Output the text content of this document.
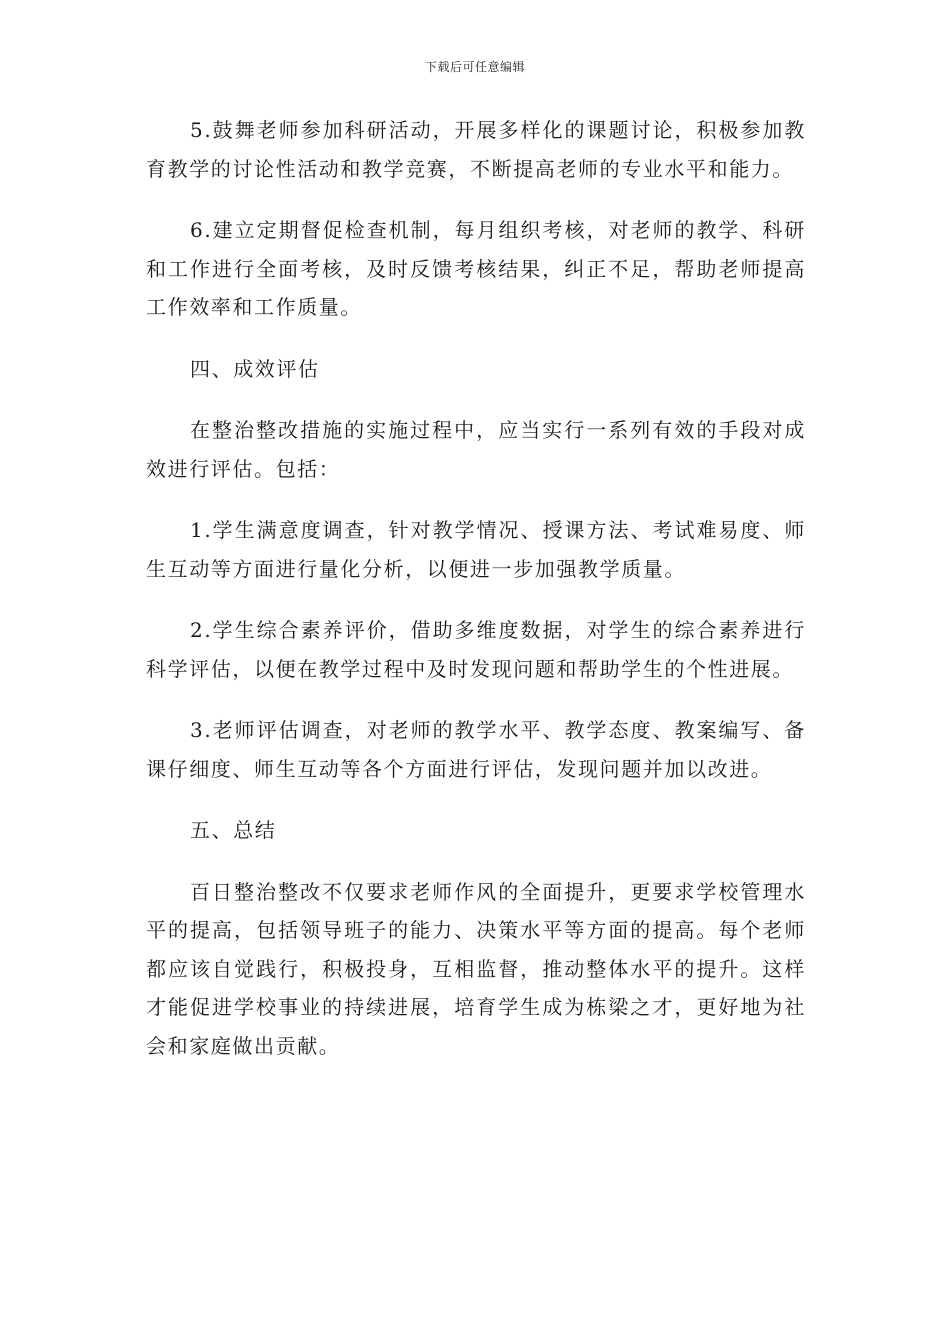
下载后可任意编辑

5.鼓舞老师参加科研活动，开展多样化的课题讨论，积极参加教育教学的讨论性活动和教学竞赛，不断提高老师的专业水平和能力。

6.建立定期督促检查机制，每月组织考核，对老师的教学、科研和工作进行全面考核，及时反馈考核结果，纠正不足，帮助老师提高工作效率和工作质量。

四、成效评估

在整治整改措施的实施过程中，应当实行一系列有效的手段对成效进行评估。包括：

1.学生满意度调查，针对教学情况、授课方法、考试难易度、师生互动等方面进行量化分析，以便进一步加强教学质量。

2.学生综合素养评价，借助多维度数据，对学生的综合素养进行科学评估，以便在教学过程中及时发现问题和帮助学生的个性进展。

3.老师评估调查，对老师的教学水平、教学态度、教案编写、备课仔细度、师生互动等各个方面进行评估，发现问题并加以改进。

五、总结

百日整治整改不仅要求老师作风的全面提升，更要求学校管理水平的提高，包括领导班子的能力、决策水平等方面的提高。每个老师都应该自觉践行，积极投身，互相监督，推动整体水平的提升。这样才能促进学校事业的持续进展，培育学生成为栋梁之才，更好地为社会和家庭做出贡献。
